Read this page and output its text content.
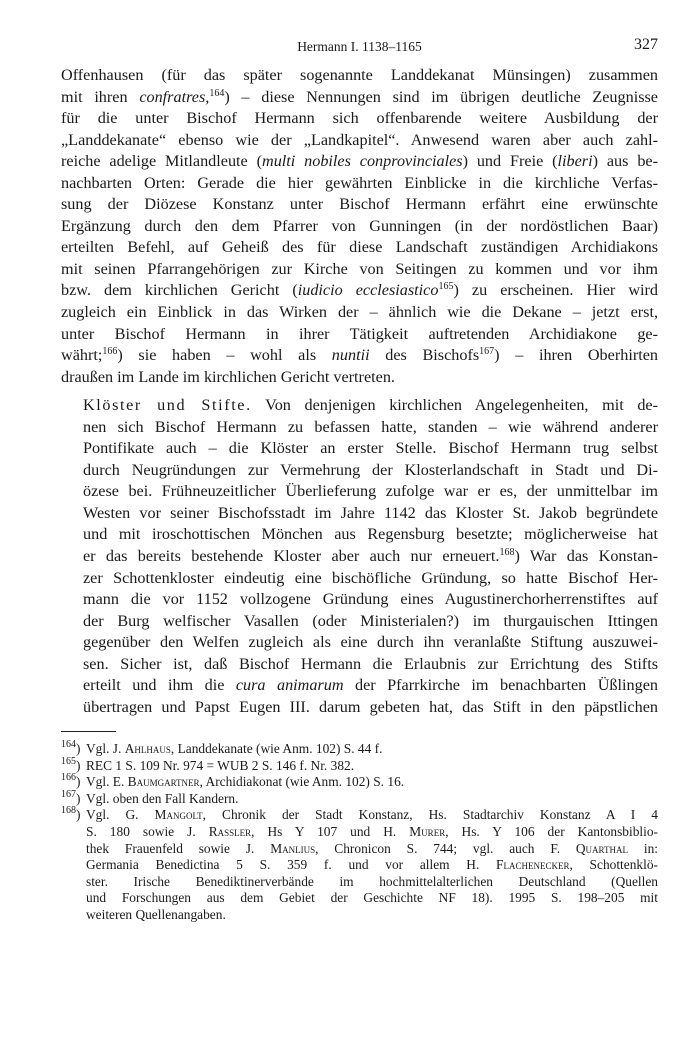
Hermann I. 1138–1165	327

Offenhausen (für das später sogenannte Landdekanat Münsingen) zusammen
mit ihren confratres,$^{164}$) – diese Nennungen sind im übrigen deutliche Zeugnisse
für die unter Bischof Hermann sich offenbarende weitere Ausbildung der
„Landdekanate“ ebenso wie der „Landkapitel“. Anwesend waren aber auch zahl-
reiche adelige Mitlandleute (multi nobiles conprovinciales) und Freie (liberi) aus be-
nachbarten Orten: Gerade die hier gewährten Einblicke in die kirchliche Verfas-
sung der Diözese Konstanz unter Bischof Hermann erfährt eine erwünschte
Ergänzung durch den dem Pfarrer von Gunningen (in der nordöstlichen Baar)
erteilten Befehl, auf Geheiß des für diese Landschaft zuständigen Archidiakons
mit seinen Pfarrangehörigen zur Kirche von Seitingen zu kommen und vor ihm
bzw. dem kirchlichen Gericht (iudicio ecclesiastico$^{165}$) zu erscheinen. Hier wird
zugleich ein Einblick in das Wirken der – ähnlich wie die Dekane – jetzt erst,
unter Bischof Hermann in ihrer Tätigkeit auftretenden Archidiakone ge-
währt;$^{166}$) sie haben – wohl als nuntii des Bischofs$^{167}$) – ihren Oberhirten
draußen im Lande im kirchlichen Gericht vertreten.

Klöster und Stifte. Von denjenigen kirchlichen Angelegenheiten, mit de-
nen sich Bischof Hermann zu befassen hatte, standen – wie während anderer
Pontifikate auch – die Klöster an erster Stelle. Bischof Hermann trug selbst
durch Neugründungen zur Vermehrung der Klosterlandschaft in Stadt und Di-
özese bei. Frühneuzeitlicher Überlieferung zufolge war er es, der unmittelbar im
Westen vor seiner Bischofsstadt im Jahre 1142 das Kloster St. Jakob begründete
und mit iroschottischen Mönchen aus Regensburg besetzte; möglicherweise hat
er das bereits bestehende Kloster aber auch nur erneuert.$^{168}$) War das Konstan-
zer Schottenkloster eindeutig eine bischöfliche Gründung, so hatte Bischof Her-
mann die vor 1152 vollzogene Gründung eines Augustinerchorherrenstiftes auf
der Burg welfischer Vasallen (oder Ministerialen?) im thurgauischen Ittingen
gegenüber den Welfen zugleich als eine durch ihn veranlaßte Stiftung auszuwei-
sen. Sicher ist, daß Bischof Hermann die Erlaubnis zur Errichtung des Stifts
erteilt und ihm die cura animarum der Pfarrkirche im benachbarten Üßlingen
übertragen und Papst Eugen III. darum gebeten hat, das Stift in den päpstlichen

$^{164}$) Vgl. J. Ahlhaus, Landdekanate (wie Anm. 102) S. 44 f.
$^{165}$) REC 1 S. 109 Nr. 974 = WUB 2 S. 146 f. Nr. 382.
$^{166}$) Vgl. E. Baumgartner, Archidiakonat (wie Anm. 102) S. 16.
$^{167}$) Vgl. oben den Fall Kandern.
$^{168}$) Vgl. G. Mangolt, Chronik der Stadt Konstanz, Hs. Stadtarchiv Konstanz A I 4
S. 180 sowie J. Rassler, Hs Y 107 und H. Murer, Hs. Y 106 der Kantonsbiblio-
thek Frauenfeld sowie J. Manlius, Chronicon S. 744; vgl. auch F. Quarthal in:
Germania Benedictina 5 S. 359 f. und vor allem H. Flachenecker, Schottenklö-
ster. Irische Benediktinerverbände im hochmittelalterlichen Deutschland (Quellen
und Forschungen aus dem Gebiet der Geschichte NF 18). 1995 S. 198–205 mit
weiteren Quellenangaben.
